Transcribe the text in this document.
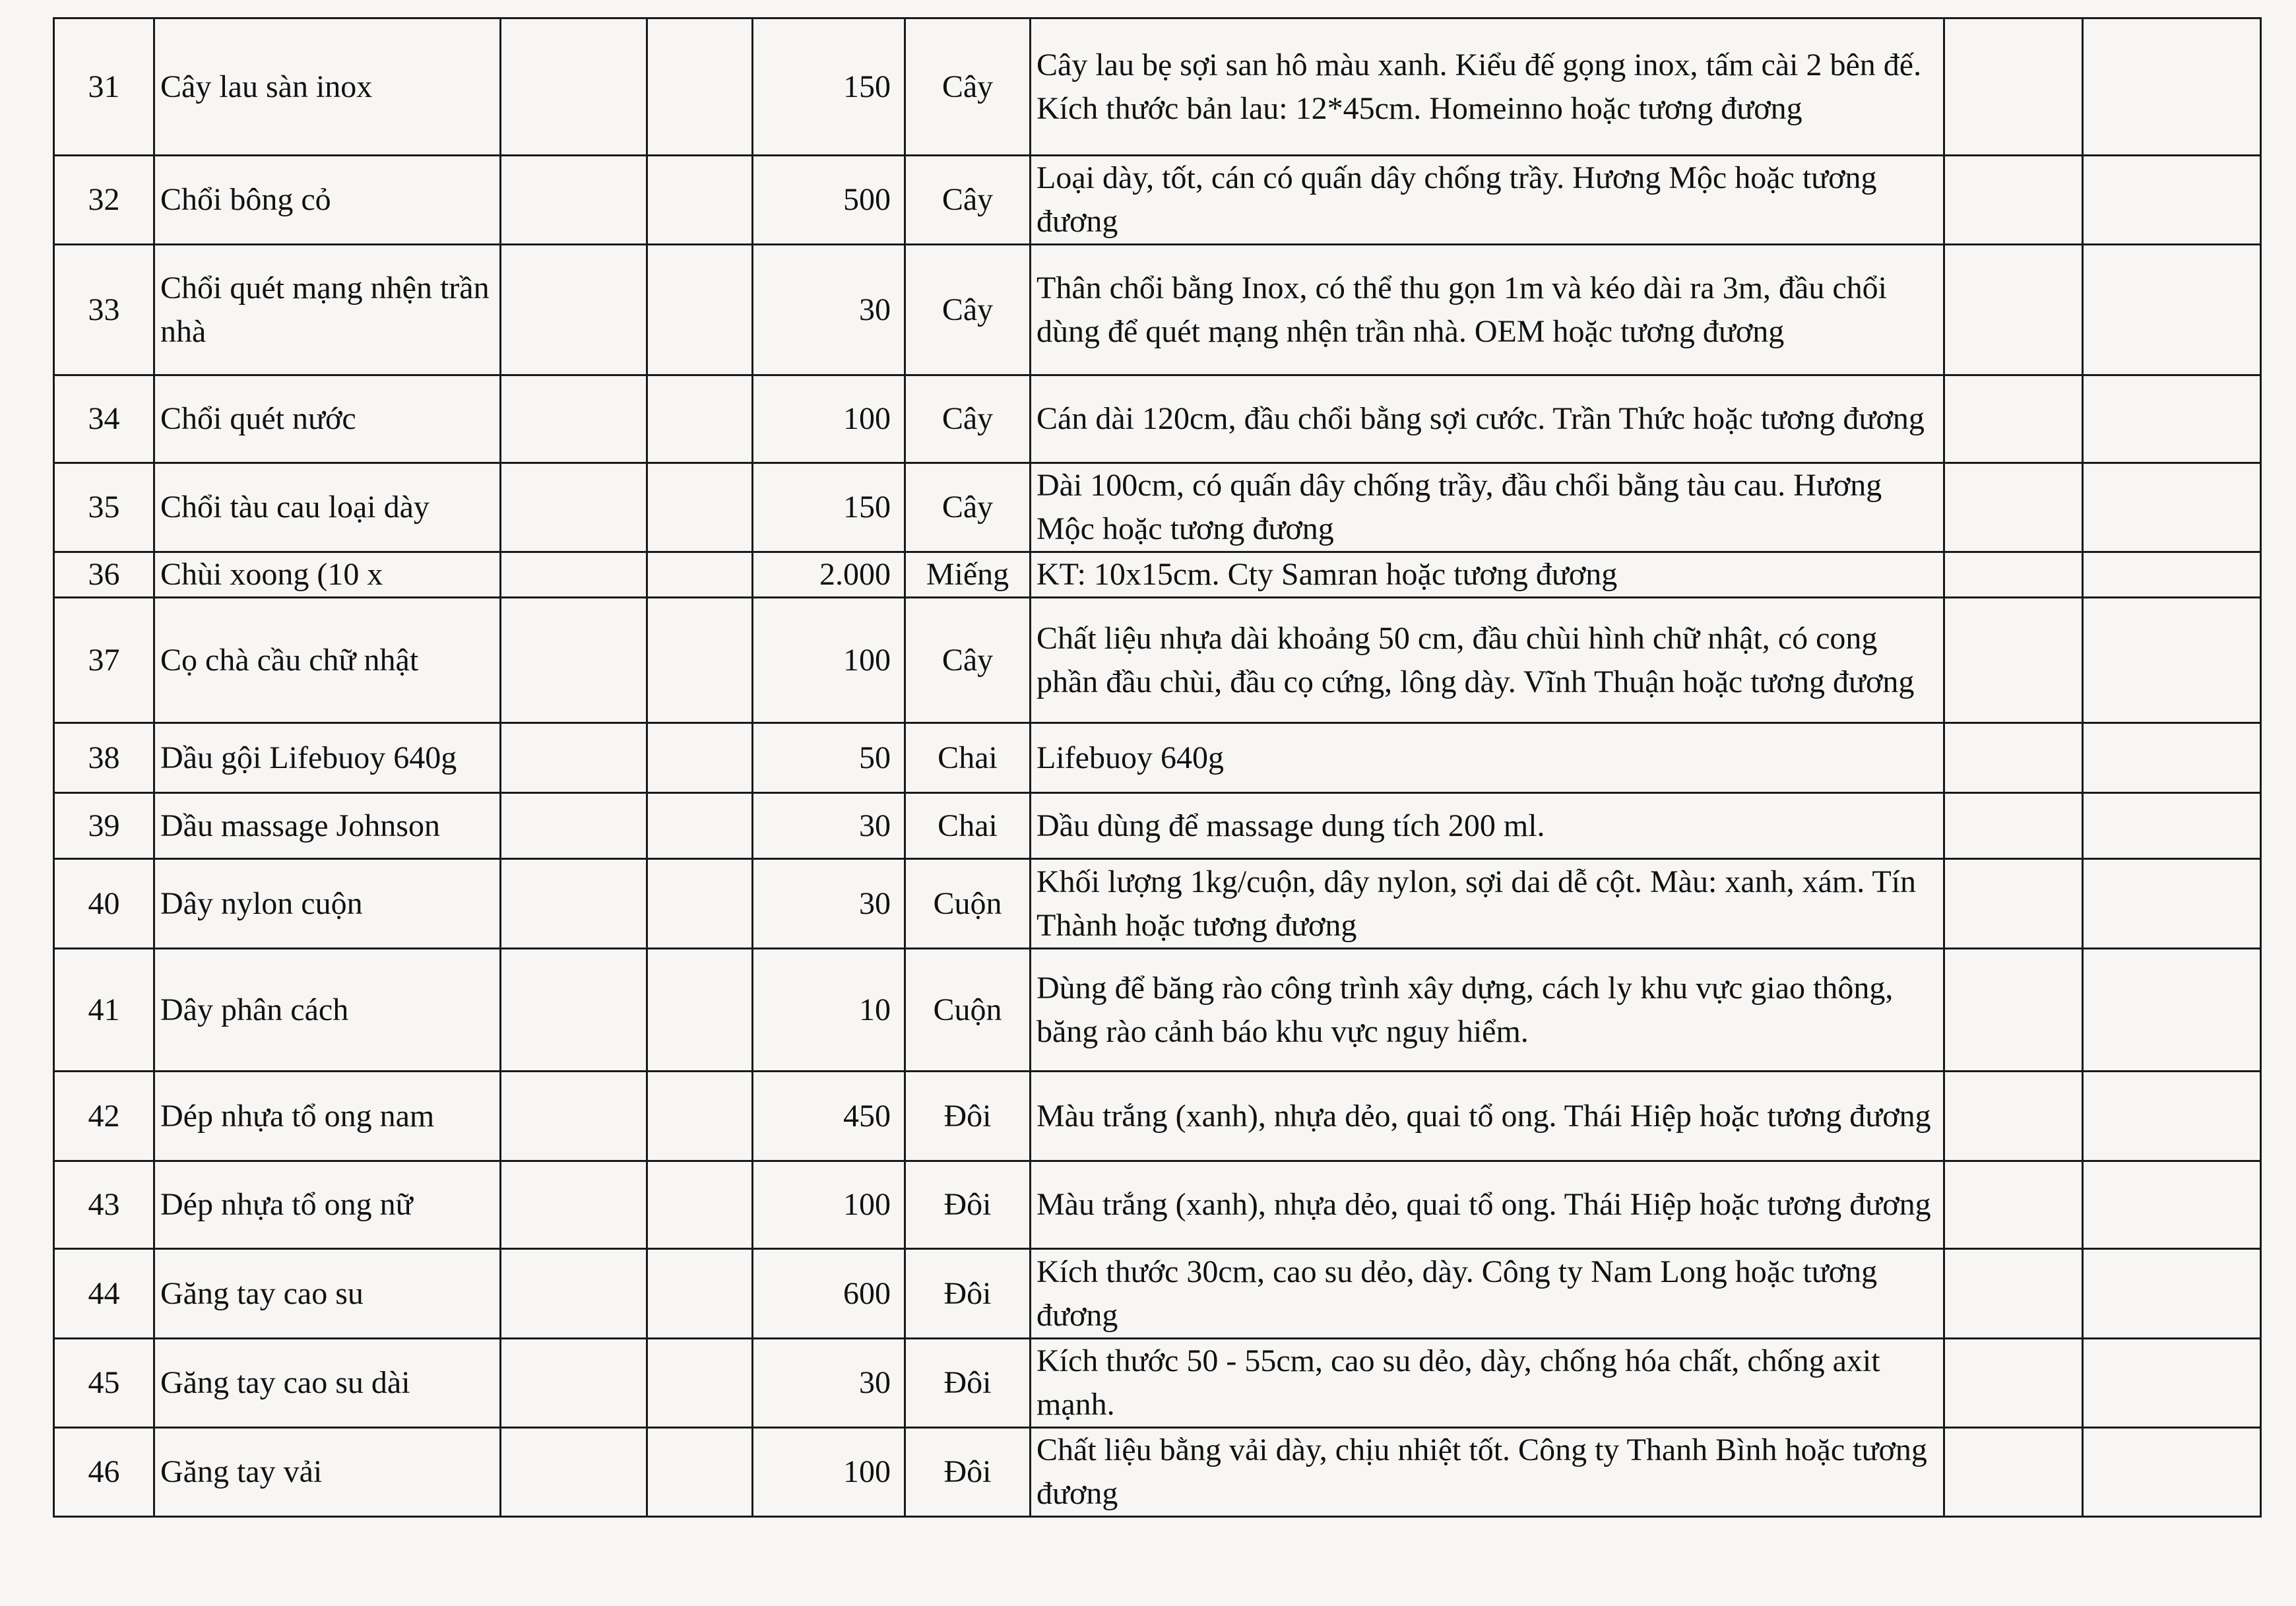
31	Cây lau sàn inox			150	Cây	Cây lau bẹ sợi san hô màu xanh. Kiểu đế gọng inox, tấm cài 2 bên đế. Kích thước bản lau: 12*45cm. Homeinno hoặc tương đương		
32	Chổi bông cỏ			500	Cây	Loại dày, tốt, cán có quấn dây chống trầy. Hương Mộc hoặc tương đương		
33	Chổi quét mạng nhện trần nhà			30	Cây	Thân chổi bằng Inox, có thể thu gọn 1m và kéo dài ra 3m, đầu chổi dùng để quét mạng nhện trần nhà. OEM hoặc tương đương		
34	Chổi quét nước			100	Cây	Cán dài 120cm, đầu chổi bằng sợi cước. Trần Thức hoặc tương đương		
35	Chổi tàu cau loại dày			150	Cây	Dài 100cm, có quấn dây chống trầy, đầu chổi bằng tàu cau. Hương Mộc hoặc tương đương		
36	Chùi xoong (10 x			2.000	Miếng	KT: 10x15cm. Cty Samran hoặc tương đương		
37	Cọ chà cầu chữ nhật			100	Cây	Chất liệu nhựa dài khoảng 50 cm, đầu chùi hình chữ nhật, có cong phần đầu chùi, đầu cọ cứng, lông dày. Vĩnh Thuận hoặc tương đương		
38	Dầu gội Lifebuoy 640g			50	Chai	Lifebuoy 640g		
39	Dầu massage Johnson			30	Chai	Dầu dùng để massage dung tích 200 ml.		
40	Dây nylon cuộn			30	Cuộn	Khối lượng 1kg/cuộn, dây nylon, sợi dai dễ cột. Màu: xanh, xám. Tín Thành hoặc tương đương		
41	Dây phân cách			10	Cuộn	Dùng để băng rào công trình xây dựng, cách ly khu vực giao thông, băng rào cảnh báo khu vực nguy hiểm.		
42	Dép nhựa tổ ong nam			450	Đôi	Màu trắng (xanh), nhựa dẻo, quai tổ ong. Thái Hiệp hoặc tương đương		
43	Dép nhựa tổ ong nữ			100	Đôi	Màu trắng (xanh), nhựa dẻo, quai tổ ong. Thái Hiệp hoặc tương đương		
44	Găng tay cao su			600	Đôi	Kích thước 30cm, cao su dẻo, dày. Công ty Nam Long hoặc tương đương		
45	Găng tay cao su dài			30	Đôi	Kích thước 50 - 55cm, cao su dẻo, dày, chống hóa chất, chống axit mạnh.		
46	Găng tay vải			100	Đôi	Chất liệu bằng vải dày, chịu nhiệt tốt. Công ty Thanh Bình hoặc tương đương		
